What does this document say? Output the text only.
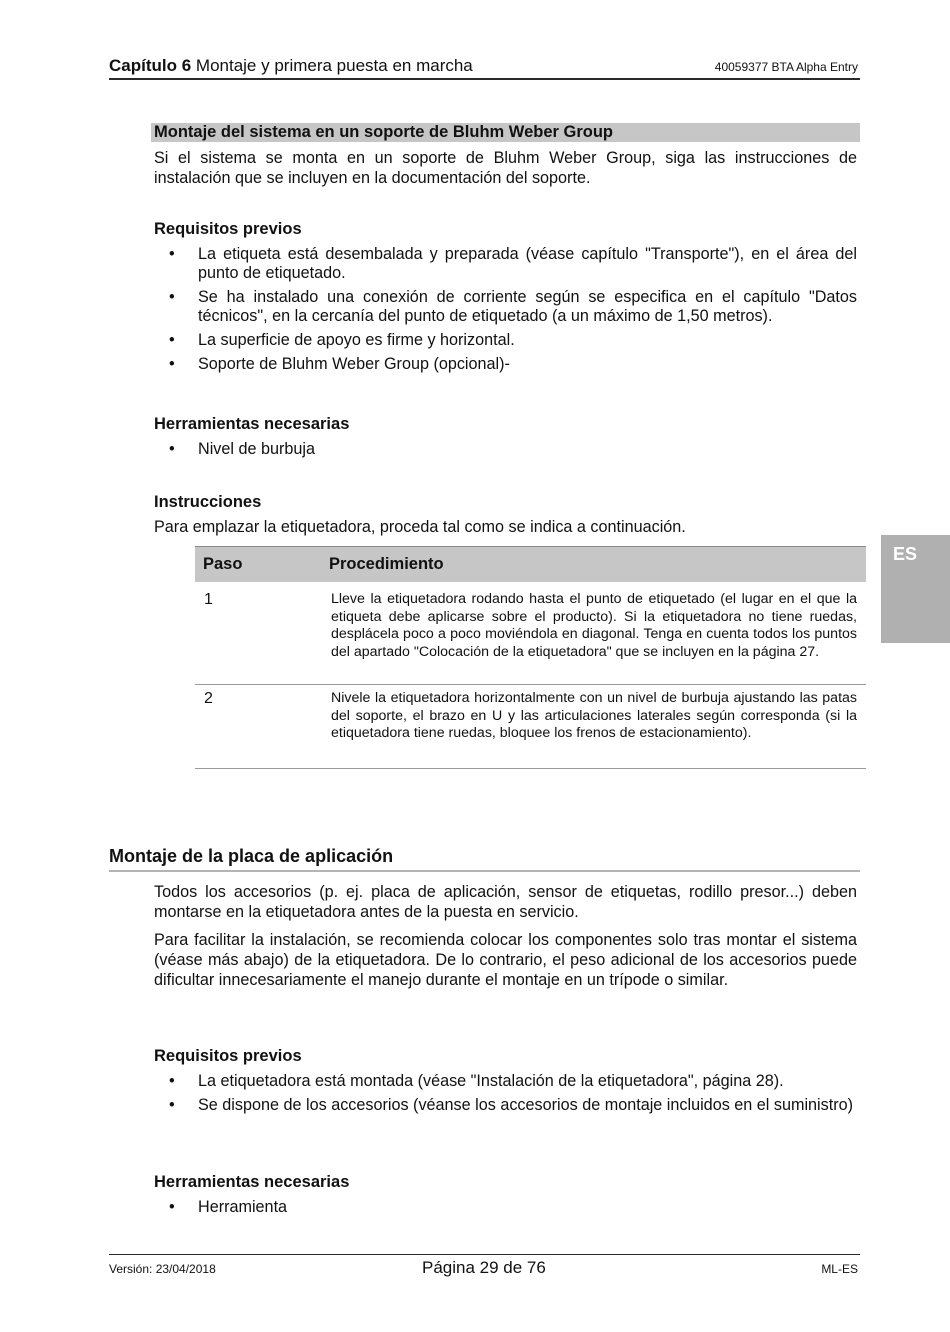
Capítulo 6 Montaje y primera puesta en marcha	40059377 BTA Alpha Entry
Montaje del sistema en un soporte de Bluhm Weber Group
Si el sistema se monta en un soporte de Bluhm Weber Group, siga las instrucciones de instalación que se incluyen en la documentación del soporte.
Requisitos previos
• La etiqueta está desembalada y preparada (véase capítulo "Transporte"), en el área del punto de etiquetado.
• Se ha instalado una conexión de corriente según se especifica en el capítulo "Datos técnicos", en la cercanía del punto de etiquetado (a un máximo de 1,50 metros).
• La superficie de apoyo es firme y horizontal.
• Soporte de Bluhm Weber Group (opcional)-
Herramientas necesarias
• Nivel de burbuja
Instrucciones
Para emplazar la etiquetadora, proceda tal como se indica a continuación.
Paso	Procedimiento
1	Lleve la etiquetadora rodando hasta el punto de etiquetado (el lugar en el que la etiqueta debe aplicarse sobre el producto). Si la etiquetadora no tiene ruedas, desplácela poco a poco moviéndola en diagonal. Tenga en cuenta todos los puntos del apartado "Colocación de la etiquetadora" que se incluyen en la página 27.
2	Nivele la etiquetadora horizontalmente con un nivel de burbuja ajustando las patas del soporte, el brazo en U y las articulaciones laterales según corresponda (si la etiquetadora tiene ruedas, bloquee los frenos de estacionamiento).
Montaje de la placa de aplicación
Todos los accesorios (p. ej. placa de aplicación, sensor de etiquetas, rodillo presor...) deben montarse en la etiquetadora antes de la puesta en servicio.
Para facilitar la instalación, se recomienda colocar los componentes solo tras montar el sistema (véase más abajo) de la etiquetadora. De lo contrario, el peso adicional de los accesorios puede dificultar innecesariamente el manejo durante el montaje en un trípode o similar.
Requisitos previos
• La etiquetadora está montada (véase "Instalación de la etiquetadora", página 28).
• Se dispone de los accesorios (véanse los accesorios de montaje incluidos en el suministro)
Herramientas necesarias
• Herramienta
ES
Versión: 23/04/2018	Página 29 de 76	ML-ES
